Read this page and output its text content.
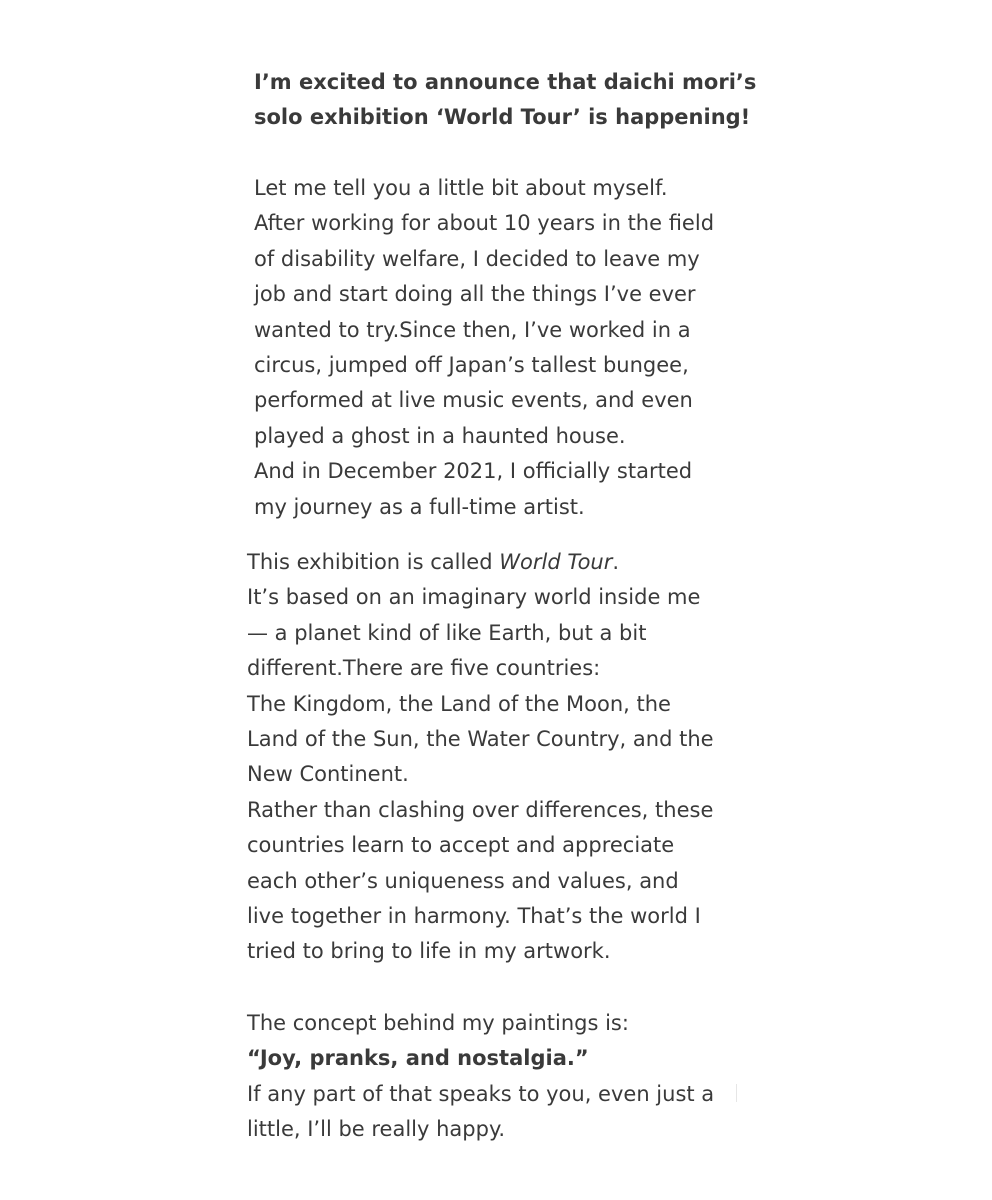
I’m excited to announce that daichi mori’s
solo exhibition ‘World Tour’ is happening!
Let me tell you a little bit about myself.
After working for about 10 years in the field
of disability welfare, I decided to leave my
job and start doing all the things I’ve ever
wanted to try.Since then, I’ve worked in a
circus, jumped off Japan’s tallest bungee,
performed at live music events, and even
played a ghost in a haunted house.
And in December 2021, I officially started
my journey as a full-time artist.
This exhibition is called World Tour.
It’s based on an imaginary world inside me
— a planet kind of like Earth, but a bit
different.There are five countries:
The Kingdom, the Land of the Moon, the
Land of the Sun, the Water Country, and the
New Continent.
Rather than clashing over differences, these
countries learn to accept and appreciate
each other’s uniqueness and values, and
live together in harmony. That’s the world I
tried to bring to life in my artwork.
The concept behind my paintings is:
“Joy, pranks, and nostalgia.”
If any part of that speaks to you, even just a
little, I’ll be really happy.
